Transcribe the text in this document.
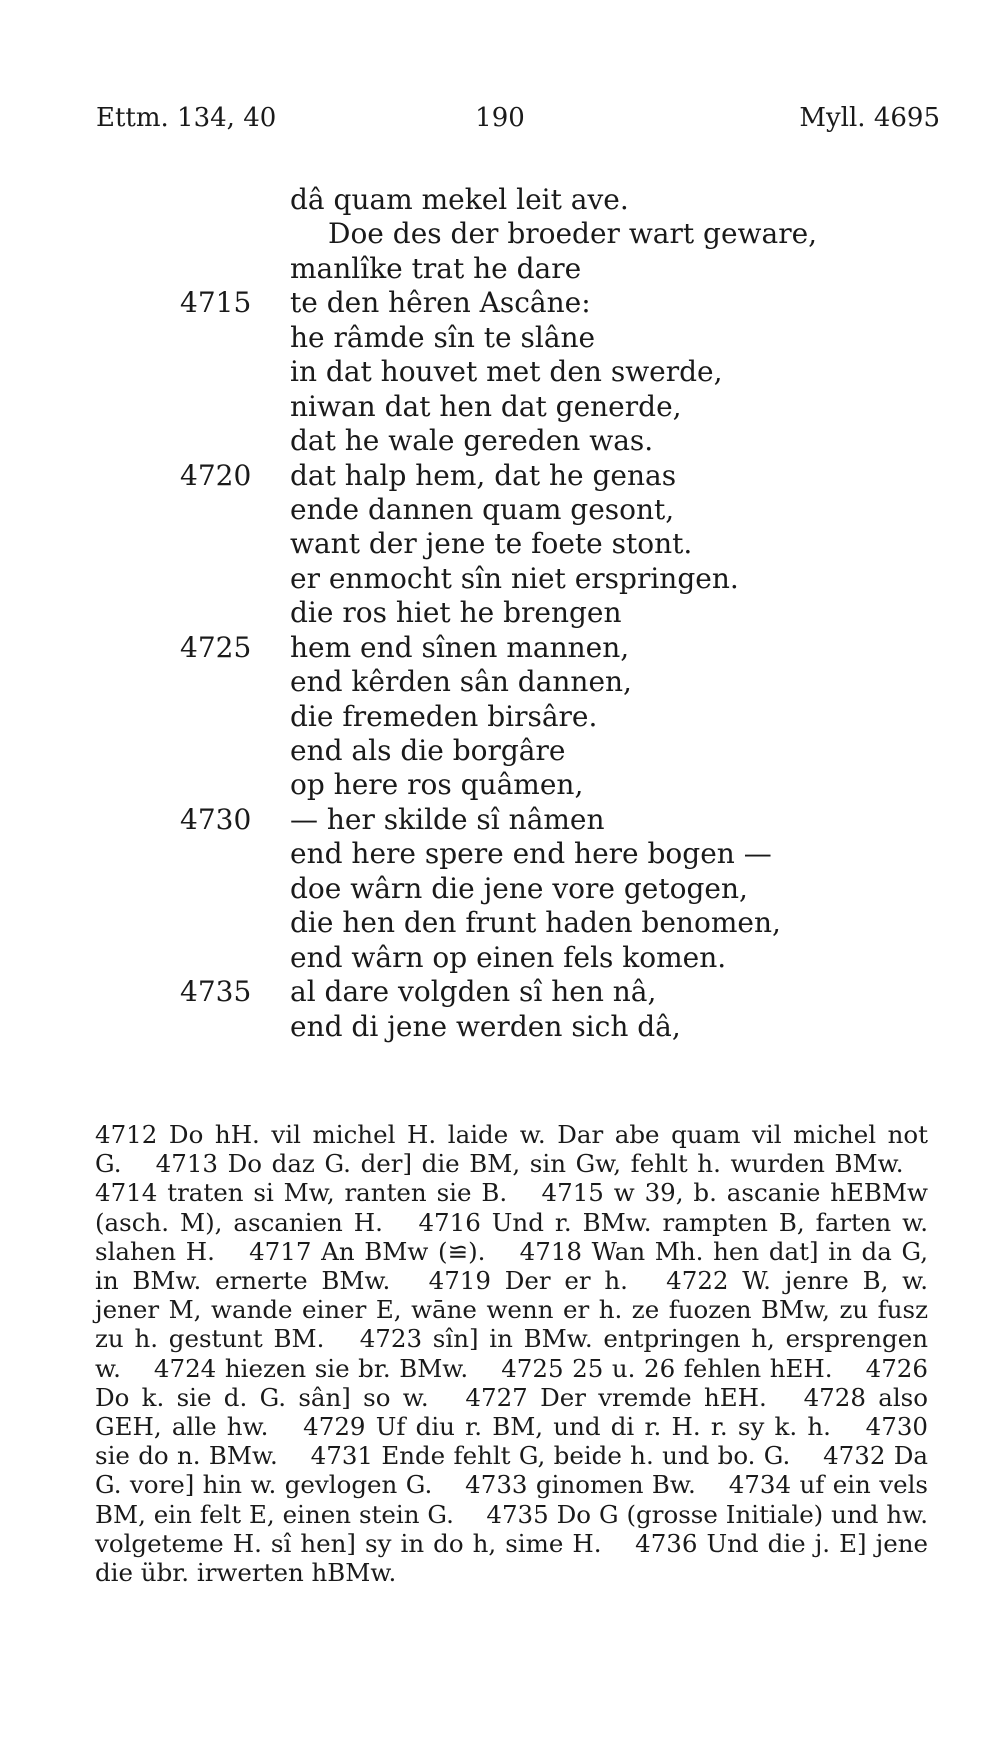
Ettm. 134, 40	190	Myll. 4695
dâ quam mekel leit ave.
Doe des der broeder wart geware,
manlîke trat he dare
4715	te den hêren Ascâne:
he râmde sîn te slâne
in dat houvet met den swerde,
niwan dat hen dat generde,
dat he wale gereden was.
4720	dat halp hem, dat he genas
ende dannen quam gesont,
want der jene te foete stont.
er enmocht sîn niet erspringen.
die ros hiet he brengen
4725	hem end sînen mannen,
end kêrden sân dannen,
die fremeden birsâre.
end als die borgâre
op here ros quâmen,
4730	— her skilde sî nâmen
end here spere end here bogen —
doe wârn die jene vore getogen,
die hen den frunt haden benomen,
end wârn op einen fels komen.
4735	al dare volgden sî hen nâ,
end di jene werden sich dâ,
4712 Do hH. vil michel H. laide w. Dar abe quam vil michel not G.  4713 Do daz G. der] die BM, sin Gw, fehlt h. wurden BMw.  4714 traten si Mw, ranten sie B.  4715 w 39, b. ascanie hEBMw (asch. M), ascanien H.  4716 Und r. BMw. rampten B, farten w. slahen H.  4717 An BMw (≌).  4718 Wan Mh. hen dat] in da G, in BMw. ernerte BMw.  4719 Der er h.  4722 W. jenre B, w. jener M, wande einer E, wāne wenn er h. ze fuozen BMw, zu fusz zu h. gestunt BM.  4723 sîn] in BMw. entpringen h, ersprengen w.  4724 hiezen sie br. BMw.  4725 25 u. 26 fehlen hEH.  4726 Do k. sie d. G. sân] so w.  4727 Der vremde hEH.  4728 also GEH, alle hw.  4729 Uf diu r. BM, und di r. H. r. sy k. h.  4730 sie do n. BMw.  4731 Ende fehlt G, beide h. und bo. G.  4732 Da G. vore] hin w. gevlogen G.  4733 ginomen Bw.  4734 uf ein vels BM, ein felt E, einen stein G.  4735 Do G (grosse Initiale) und hw. volgeteme H. sî hen] sy in do h, sime H.  4736 Und die j. E] jene die übr. irwerten hBMw.
